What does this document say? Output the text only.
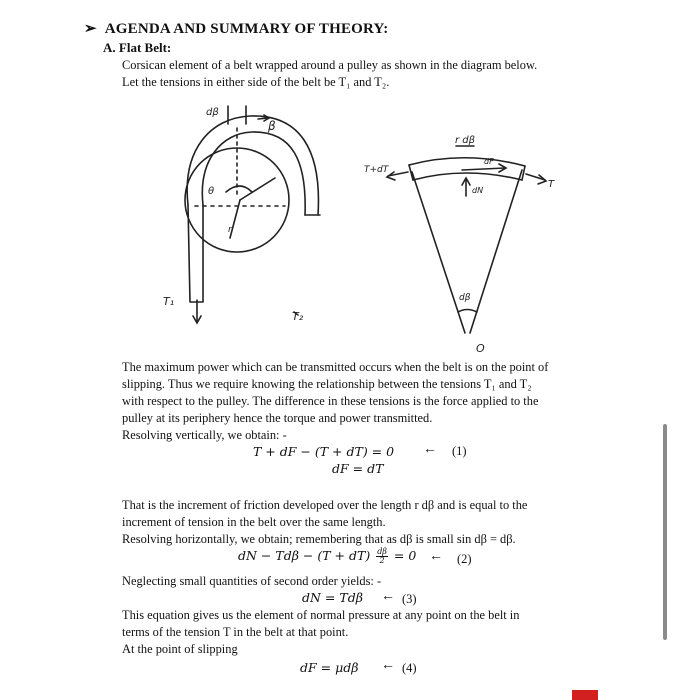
➢ AGENDA AND SUMMARY OF THEORY:
A. Flat Belt:
Corsican element of a belt wrapped around a pulley as shown in the diagram below.
Let the tensions in either side of the belt be T₁ and T₂.
dβ
β
θ
r
T₁
T₂
r dβ
T+dT
dF
T
dN
dβ
O
The maximum power which can be transmitted occurs when the belt is on the point of
slipping. Thus we require knowing the relationship between the tensions T₁ and T₂
with respect to the pulley. The difference in these tensions is the force applied to the
pulley at its periphery hence the torque and power transmitted.
Resolving vertically, we obtain: -
T + dF − (T + dT) = 0 ← (1)
dF = dT
That is the increment of friction developed over the length r dβ and is equal to the
increment of tension in the belt over the same length.
Resolving horizontally, we obtain; remembering that as dβ is small sin dβ = dβ.
dN − $Td\beta - (T + dT) \frac{d\beta}{2} = 0$ ← (2)
Neglecting small quantities of second order yields: -
dN = Tdβ ← (3)
This equation gives us the element of normal pressure at any point on the belt in
terms of the tension T in the belt at that point.
At the point of slipping
dF = μdβ ← (4)
